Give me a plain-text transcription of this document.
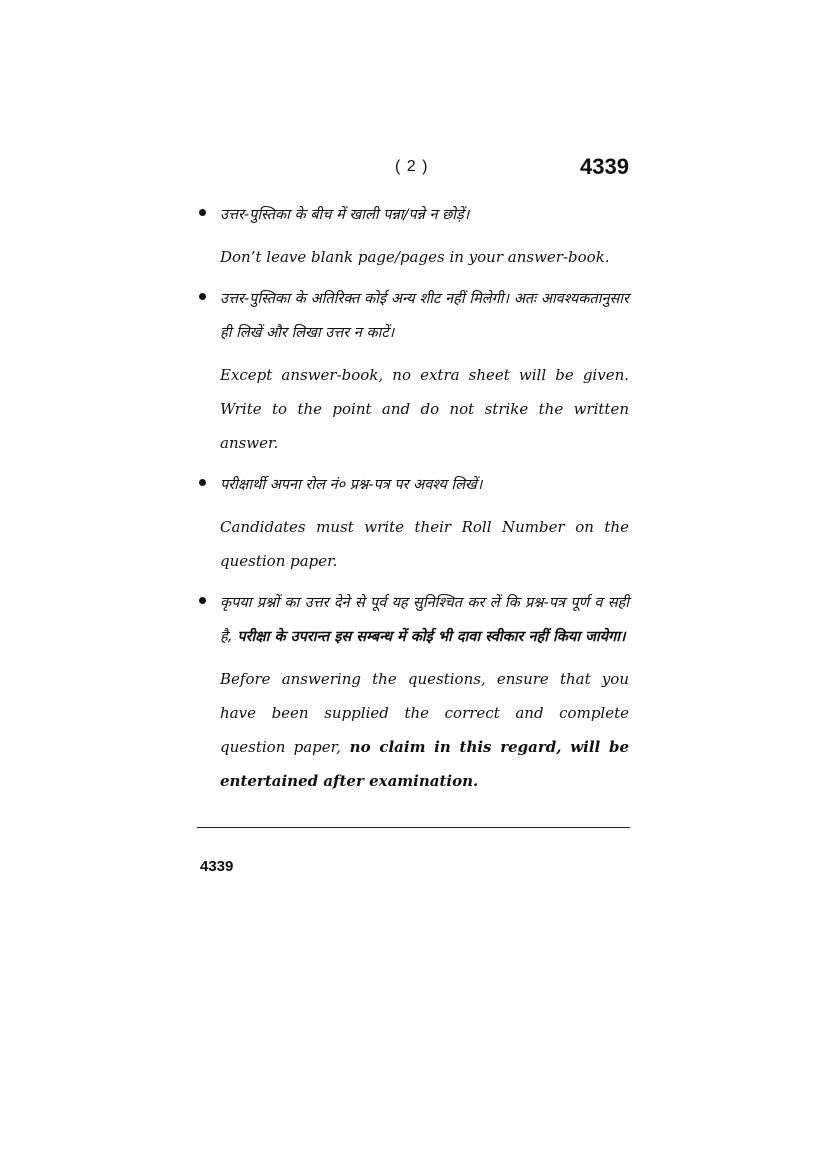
( 2 )	4339

उत्तर-पुस्तिका के बीच में खाली पन्ना/पन्ने न छोड़ें।

Don’t leave blank page/pages in your answer-book.

उत्तर-पुस्तिका के अतिरिक्त कोई अन्य शीट नहीं मिलेगी। अतः आवश्यकतानुसार ही लिखें और लिखा उत्तर न काटें।

Except answer-book, no extra sheet will be given. Write to the point and do not strike the written answer.

परीक्षार्थी अपना रोल नं० प्रश्न-पत्र पर अवश्य लिखें।

Candidates must write their Roll Number on the question paper.

कृपया प्रश्नों का उत्तर देने से पूर्व यह सुनिश्चित कर लें कि प्रश्न-पत्र पूर्ण व सही है, परीक्षा के उपरान्त इस सम्बन्ध में कोई भी दावा स्वीकार नहीं किया जायेगा।

Before answering the questions, ensure that you have been supplied the correct and complete question paper, no claim in this regard, will be entertained after examination.

4339
